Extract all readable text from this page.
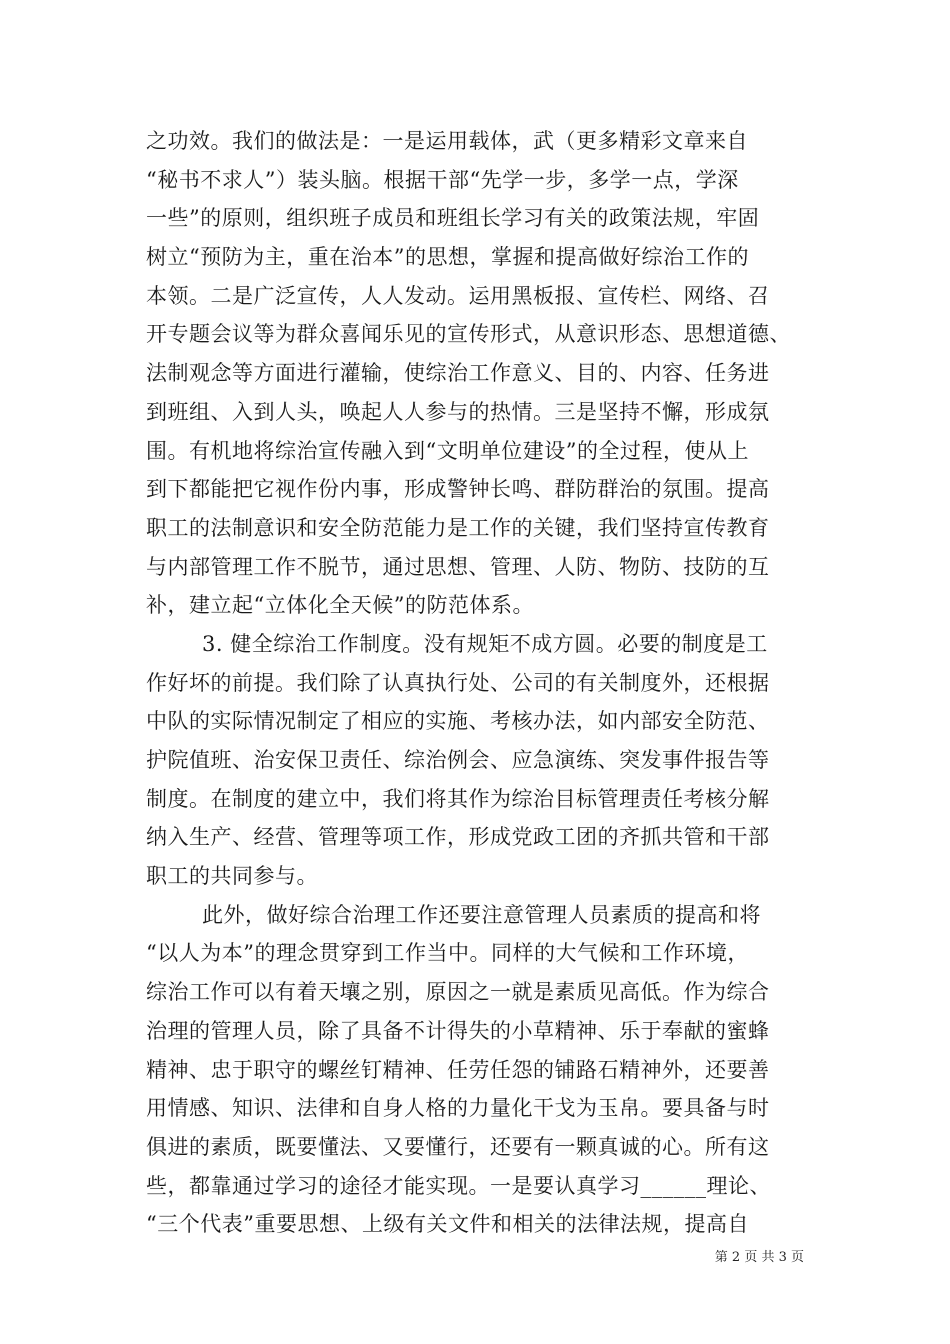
之功效。我们的做法是：一是运用载体，武（更多精彩文章来自
“秘书不求人”）装头脑。根据干部“先学一步，多学一点，学深
一些”的原则，组织班子成员和班组长学习有关的政策法规，牢固
树立“预防为主，重在治本”的思想，掌握和提高做好综治工作的
本领。二是广泛宣传，人人发动。运用黑板报、宣传栏、网络、召
开专题会议等为群众喜闻乐见的宣传形式，从意识形态、思想道德、
法制观念等方面进行灌输，使综治工作意义、目的、内容、任务进
到班组、入到人头，唤起人人参与的热情。三是坚持不懈，形成氛
围。有机地将综治宣传融入到“文明单位建设”的全过程，使从上
到下都能把它视作份内事，形成警钟长鸣、群防群治的氛围。提高
职工的法制意识和安全防范能力是工作的关键，我们坚持宣传教育
与内部管理工作不脱节，通过思想、管理、人防、物防、技防的互
补，建立起“立体化全天候”的防范体系。
3. 健全综治工作制度。没有规矩不成方圆。必要的制度是工
作好坏的前提。我们除了认真执行处、公司的有关制度外，还根据
中队的实际情况制定了相应的实施、考核办法，如内部安全防范、
护院值班、治安保卫责任、综治例会、应急演练、突发事件报告等
制度。在制度的建立中，我们将其作为综治目标管理责任考核分解
纳入生产、经营、管理等项工作，形成党政工团的齐抓共管和干部
职工的共同参与。
此外，做好综合治理工作还要注意管理人员素质的提高和将
“以人为本”的理念贯穿到工作当中。同样的大气候和工作环境，
综治工作可以有着天壤之别，原因之一就是素质见高低。作为综合
治理的管理人员，除了具备不计得失的小草精神、乐于奉献的蜜蜂
精神、忠于职守的螺丝钉精神、任劳任怨的铺路石精神外，还要善
用情感、知识、法律和自身人格的力量化干戈为玉帛。要具备与时
俱进的素质，既要懂法、又要懂行，还要有一颗真诚的心。所有这
些，都靠通过学习的途径才能实现。一是要认真学习______理论、
“三个代表”重要思想、上级有关文件和相关的法律法规，提高自
第 2 页 共 3 页
